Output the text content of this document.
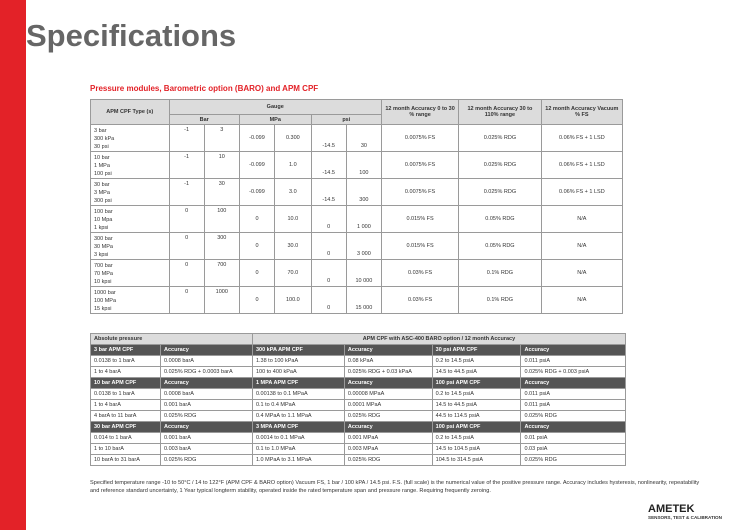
Specifications
Pressure modules, Barometric option (BARO) and APM CPF
APM CPF Type (s)	Gauge						12 month Accuracy 0 to 30 % range	12 month Accuracy 30 to 110% range	12 month Accuracy Vacuum % FS
	Bar		MPa		psi				

3 bar
300 kPa
30 psi	-1	3	-0.099	0.300	-14.5	30	0.0075% FS	0.025% RDG	0.06% FS + 1 LSD

10 bar
1 MPa
100 psi	-1	10	-0.099	1.0	-14.5	100	0.0075% FS	0.025% RDG	0.06% FS + 1 LSD

30 bar
3 MPa
300 psi	-1	30	-0.099	3.0	-14.5	300	0.0075% FS	0.025% RDG	0.06% FS + 1 LSD

100 bar
10 Mpa
1 kpsi	0	100	0	10.0	0	1 000	0.015% FS	0.05% RDG	N/A

300 bar
30 MPa
3 kpsi	0	300	0	30.0	0	3 000	0.015% FS	0.05% RDG	N/A

700 bar
70 MPa
10 kpsi	0	700	0	70.0	0	10 000	0.03% FS	0.1% RDG	N/A

1000 bar
100 MPa
15 kpsi	0	1000	0	100.0	0	15 000	0.03% FS	0.1% RDG	N/A
Absolute pressure		APM CPF with ASC-400 BARO option / 12 month Accuracy			
3 bar APM CPF	Accuracy	300 kPA APM CPF	Accuracy	30 psi APM CPF	Accuracy
0.0138 to 1 barA	0.0008 barA	1.38 to 100 kPaA	0.08 kPaA	0.2 to 14.5 psiA	0.011 psiA
1 to 4 barA	0.025% RDG + 0.0003 barA	100 to 400 kPaA	0.025% RDG + 0.03 kPaA	14.5 to 44.5 psiA	0.025% RDG + 0.003 psiA
10 bar APM CPF	Accuracy	1 MPA APM CPF	Accuracy	100 psi APM CPF	Accuracy
0.0138 to 1 barA	0.0008 barA	0.00138 to 0.1 MPaA	0.00008 MPaA	0.2 to 14.5 psiA	0.011 psiA
1 to 4 barA	0.001 barA	0.1 to 0.4 MPaA	0.0001 MPaA	14.5 to 44.5 psiA	0.011 psiA
4 barA to 11 barA	0.025% RDG	0.4 MPaA to 1.1 MPaA	0.025% RDG	44.5 to 114.5 psiA	0.025% RDG
30 bar APM CPF	Accuracy	3 MPA APM CPF	Accuracy	100 psi APM CPF	Accuracy
0.014 to 1 barA	0.001 barA	0.0014 to 0.1 MPaA	0.001 MPaA	0.2 to 14.5 psiA	0.01 psiA
1 to 10 barA	0.003 barA	0.1 to 1.0 MPaA	0.003 MPaA	14.5 to 104.5 psiA	0.03 psiA
10 barA to 31 barA	0.025% RDG	1.0 MPaA to 3.1 MPaA	0.025% RDG	104.5 to 314.5 psiA	0.025% RDG
Specified temperature range -10 to 50°C / 14 to 122°F (APM CPF & BARO option) Vacuum FS, 1 bar / 100 kPA / 14.5 psi. F.S. (full scale) is the numerical value of the positive pressure range. Accuracy includes hysteresis, nonlinearity, repeatability and reference standard uncertainty, 1 Year typical longterm stability, operated inside the rated temperature span and pressure range. Requiring frequently zeroing.
AMETEK
SENSORS, TEST & CALIBRATION
